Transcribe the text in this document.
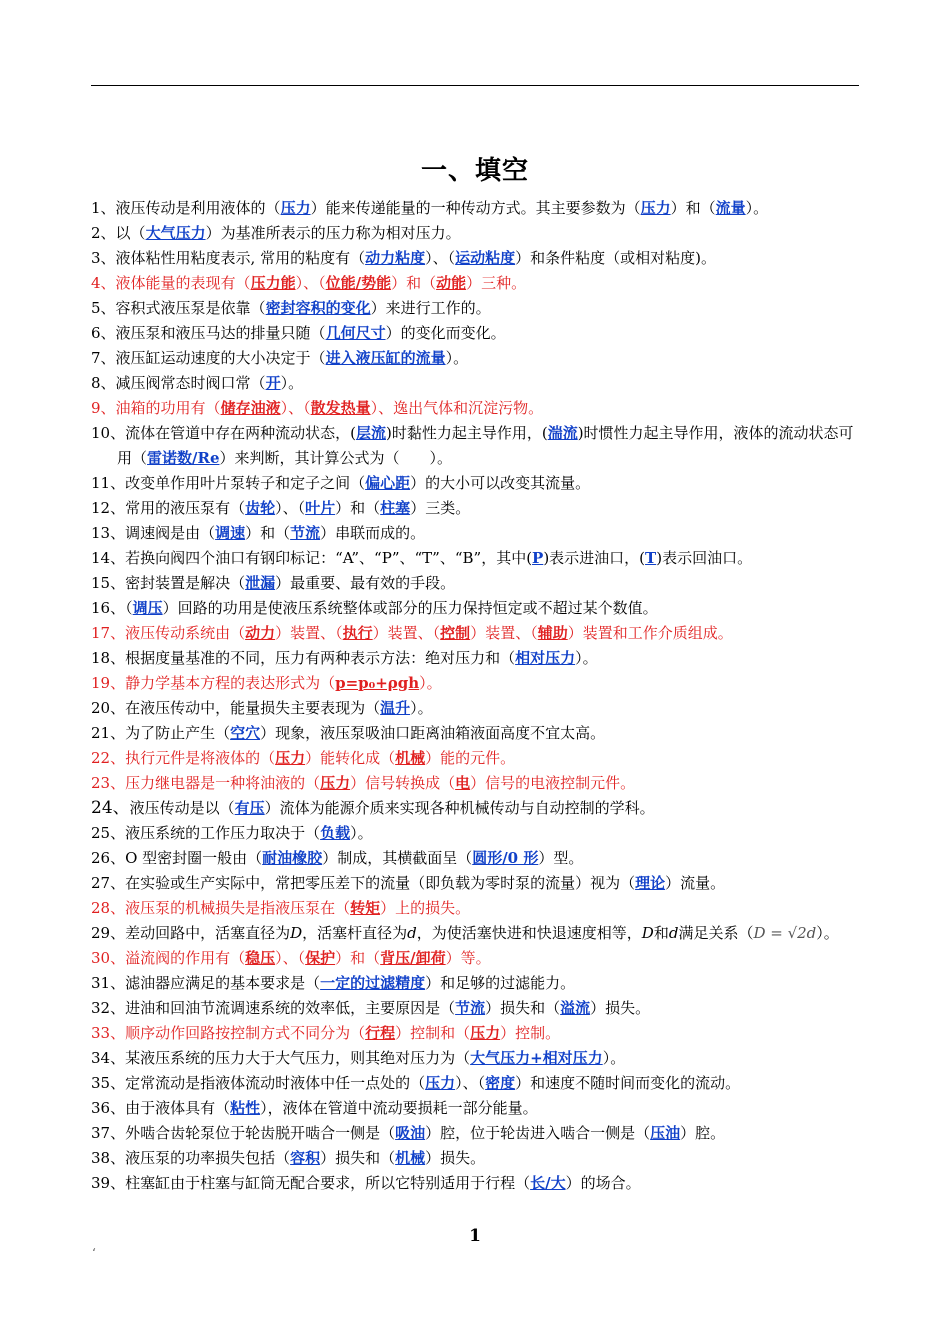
一、填空
1、液压传动是利用液体的（压力）能来传递能量的一种传动方式。其主要参数为（压力）和（流量）。
2、以（大气压力）为基准所表示的压力称为相对压力。
3、液体粘性用粘度表示, 常用的粘度有（动力粘度）、（运动粘度）和条件粘度（或相对粘度)。
4、液体能量的表现有（压力能）、（位能/势能）和（动能）三种。
5、容积式液压泵是依靠（密封容积的变化）来进行工作的。
6、液压泵和液压马达的排量只随（几何尺寸）的变化而变化。
7、液压缸运动速度的大小决定于（进入液压缸的流量）。
8、减压阀常态时阀口常（开）。
9、油箱的功用有（储存油液）、（散发热量）、逸出气体和沉淀污物。
10、流体在管道中存在两种流动状态，(层流)时黏性力起主导作用，(湍流)时惯性力起主导作用，液体的流动状态可用（雷诺数/Re）来判断，其计算公式为（　　）。
11、改变单作用叶片泵转子和定子之间（偏心距）的大小可以改变其流量。
12、常用的液压泵有（齿轮）、（叶片）和（柱塞）三类。
13、调速阀是由（调速）和（节流）串联而成的。
14、若换向阀四个油口有钢印标记：“A”、“P”、“T”、“B”，其中(P)表示进油口，(T)表示回油口。
15、密封装置是解决（泄漏）最重要、最有效的手段。
16、（调压）回路的功用是使液压系统整体或部分的压力保持恒定或不超过某个数值。
17、液压传动系统由（动力）装置、（执行）装置、（控制）装置、（辅助）装置和工作介质组成。
18、根据度量基准的不同，压力有两种表示方法：绝对压力和（相对压力）。
19、静力学基本方程的表达形式为（p=p₀+ρgh）。
20、在液压传动中，能量损失主要表现为（温升）。
21、为了防止产生（空穴）现象，液压泵吸油口距离油箱液面高度不宜太高。
22、执行元件是将液体的（压力）能转化成（机械）能的元件。
23、压力继电器是一种将油液的（压力）信号转换成（电）信号的电液控制元件。
24、液压传动是以（有压）流体为能源介质来实现各种机械传动与自动控制的学科。
25、液压系统的工作压力取决于（负载）。
26、O 型密封圈一般由（耐油橡胶）制成，其横截面呈（圆形/0 形）型。
27、在实验或生产实际中，常把零压差下的流量（即负载为零时泵的流量）视为（理论）流量。
28、液压泵的机械损失是指液压泵在（转矩）上的损失。
29、差动回路中，活塞直径为D，活塞杆直径为d，为使活塞快进和快退速度相等，D和d满足关系（D = √2d）。
30、溢流阀的作用有（稳压）、（保护）和（背压/卸荷）等。
31、滤油器应满足的基本要求是（一定的过滤精度）和足够的过滤能力。
32、进油和回油节流调速系统的效率低，主要原因是（节流）损失和（溢流）损失。
33、顺序动作回路按控制方式不同分为（行程）控制和（压力）控制。
34、某液压系统的压力大于大气压力，则其绝对压力为（大气压力+相对压力）。
35、定常流动是指液体流动时液体中任一点处的（压力）、（密度）和速度不随时间而变化的流动。
36、由于液体具有（粘性），液体在管道中流动要损耗一部分能量。
37、外啮合齿轮泵位于轮齿脱开啮合一侧是（吸油）腔，位于轮齿进入啮合一侧是（压油）腔。
38、液压泵的功率损失包括（容积）损失和（机械）损失。
39、柱塞缸由于柱塞与缸筒无配合要求，所以它特别适用于行程（长/大）的场合。
1
‘
